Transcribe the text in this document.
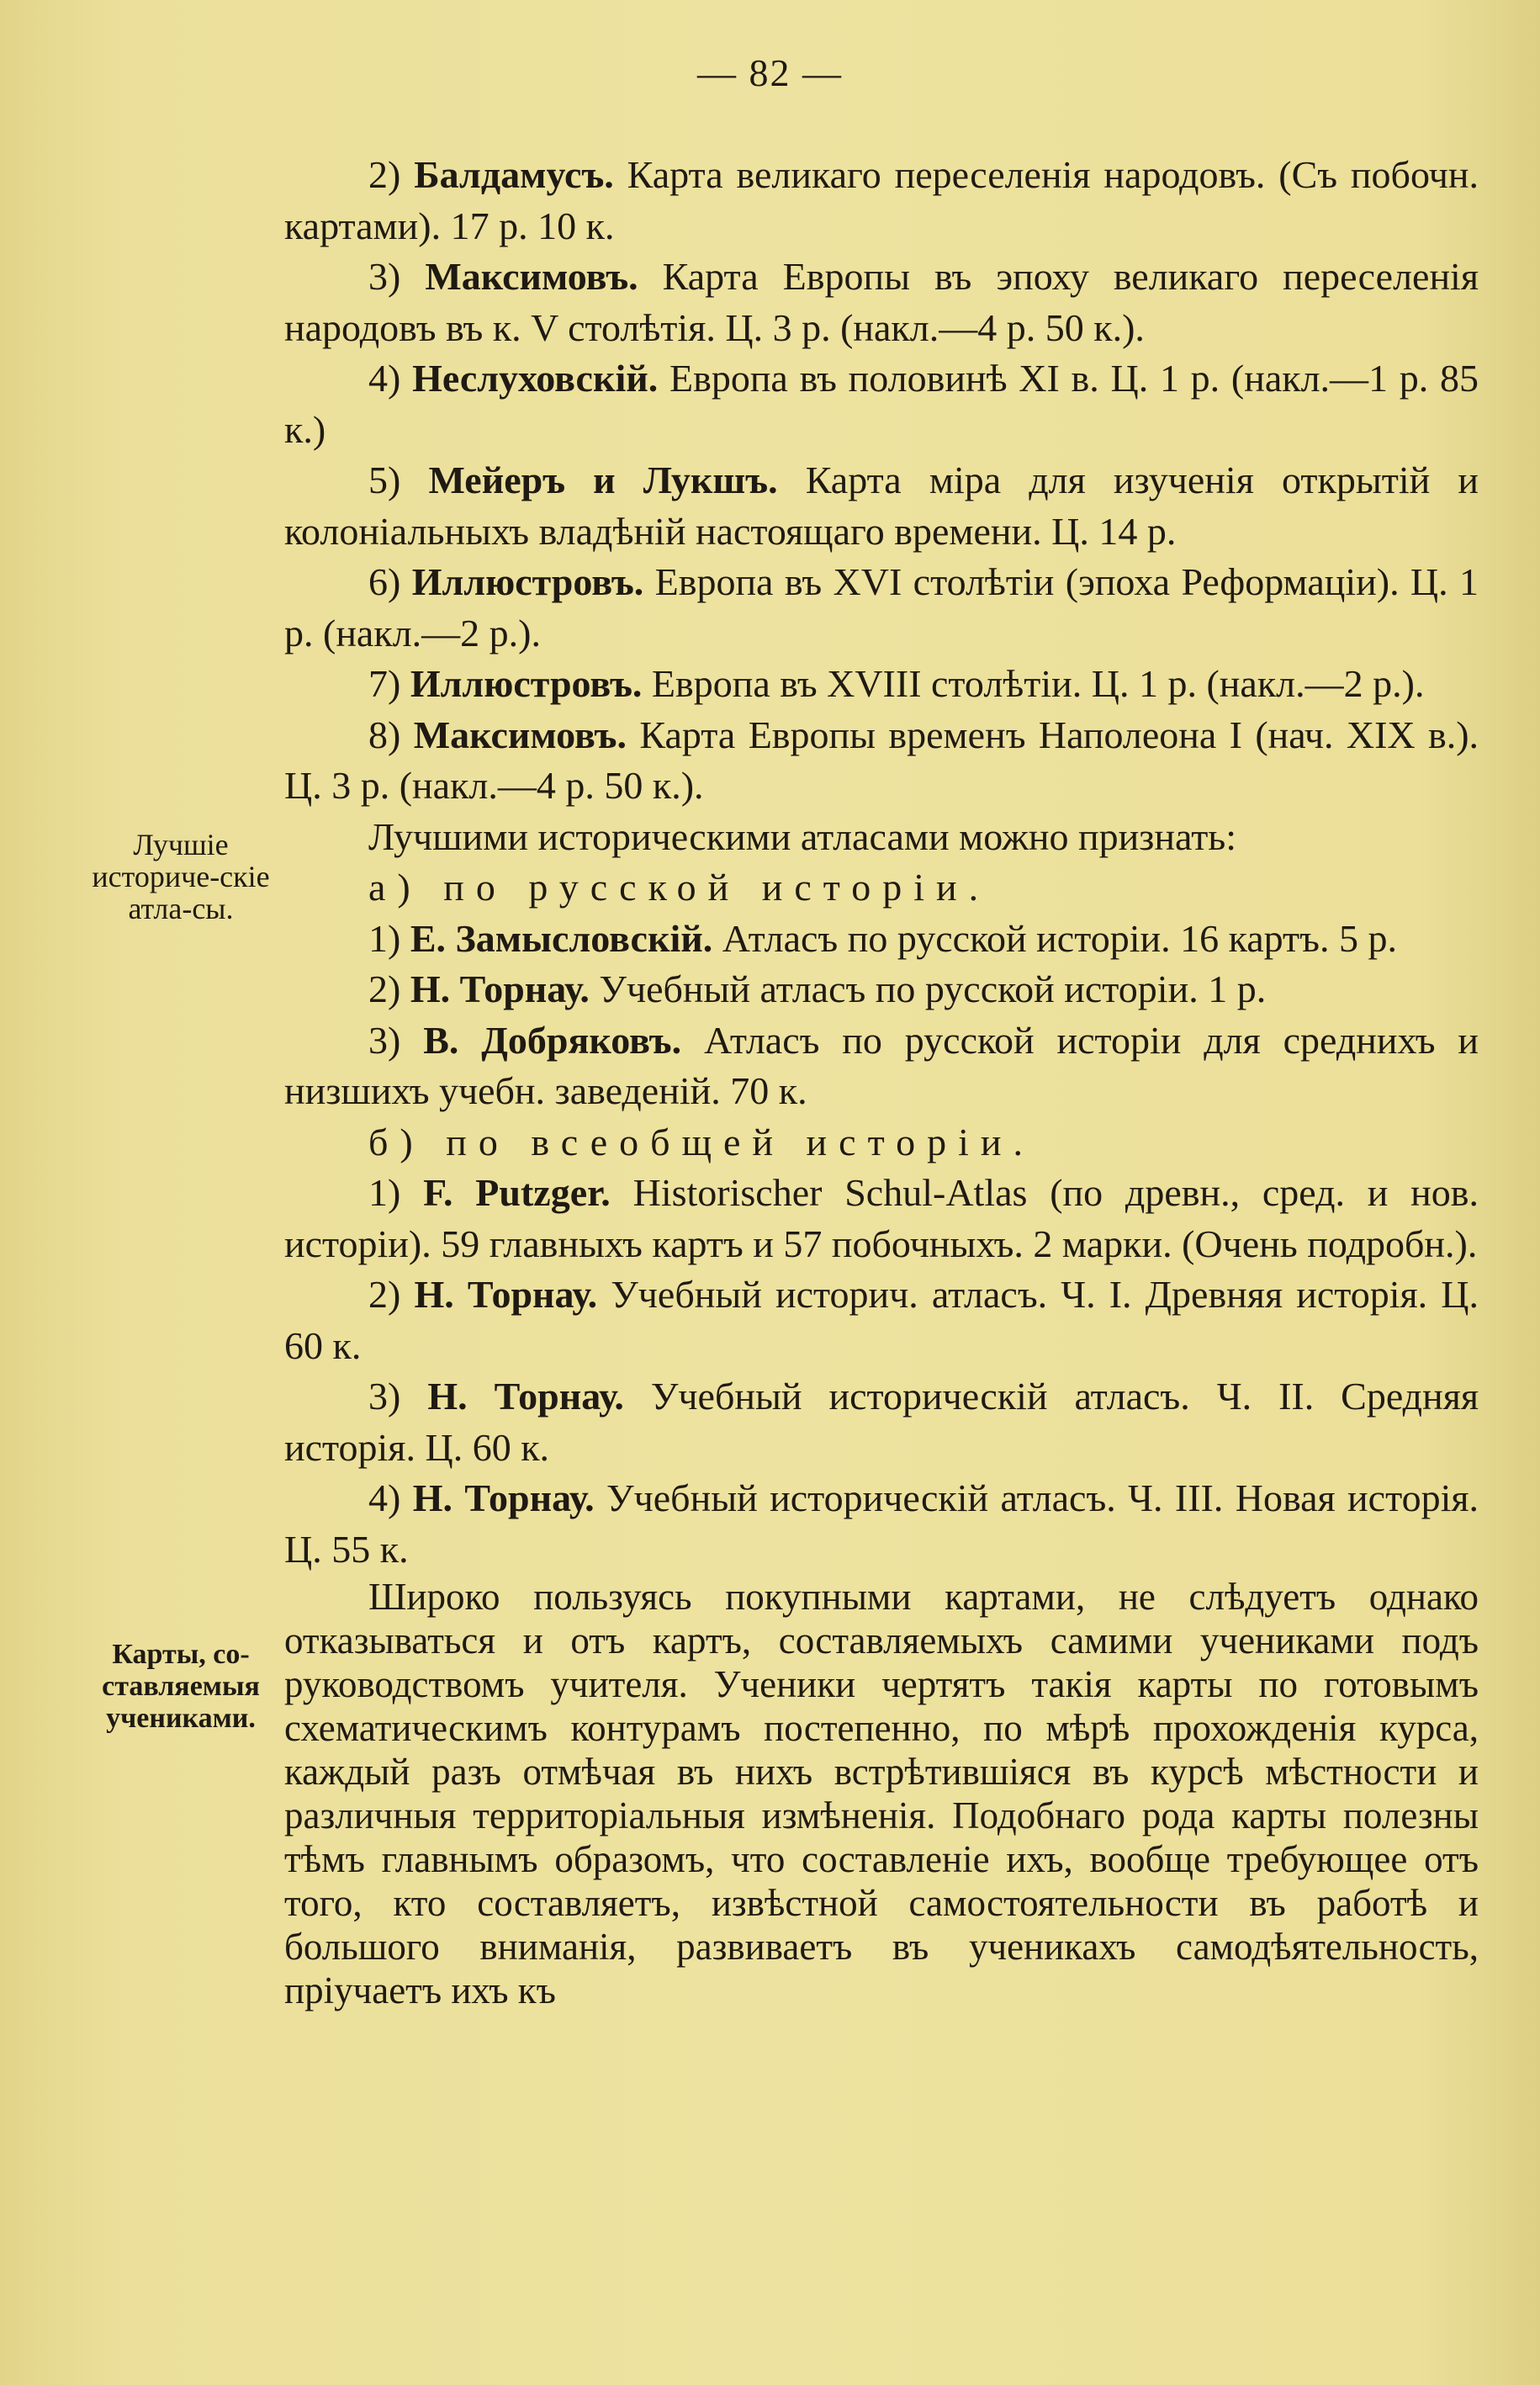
— 82 —
Лучшіе историче-скіе атла-сы.
Карты, со-ставляемыя учениками.

2) Балдамусъ. Карта великаго переселенія народовъ. (Съ побочн. картами). 17 р. 10 к.

3) Максимовъ. Карта Европы въ эпоху великаго переселенія народовъ въ к. V столѣтія. Ц. 3 р. (накл.—4 р. 50 к.).

4) Неслуховскій. Европа въ половинѣ XI в. Ц. 1 р. (накл.—1 р. 85 к.)

5) Мейеръ и Лукшъ. Карта міра для изученія открытій и колоніальныхъ владѣній настоящаго времени. Ц. 14 р.

6) Иллюстровъ. Европа въ XVI столѣтіи (эпоха Реформаціи). Ц. 1 р. (накл.—2 р.).

7) Иллюстровъ. Европа въ XVIII столѣтіи. Ц. 1 р. (накл.—2 р.).

8) Максимовъ. Карта Европы временъ Наполеона I (нач. XIX в.). Ц. 3 р. (накл.—4 р. 50 к.).

Лучшими историческими атласами можно признать:

а) по русской исторіи.

1) Е. Замысловскій. Атласъ по русской исторіи. 16 картъ. 5 р.

2) Н. Торнау. Учебный атласъ по русской исторіи. 1 р.

3) В. Добряковъ. Атласъ по русской исторіи для среднихъ и низшихъ учебн. заведеній. 70 к.

б) по всеобщей исторіи.

1) F. Putzger. Historischer Schul-Atlas (по древн., сред. и нов. исторіи). 59 главныхъ картъ и 57 побочныхъ. 2 марки. (Очень подробн.).

2) Н. Торнау. Учебный историч. атласъ. Ч. I. Древняя исторія. Ц. 60 к.

3) Н. Торнау. Учебный историческій атласъ. Ч. II. Средняя исторія. Ц. 60 к.

4) Н. Торнау. Учебный историческій атласъ. Ч. III. Новая исторія. Ц. 55 к.

Широко пользуясь покупными картами, не слѣдуетъ однако отказываться и отъ картъ, составляемыхъ самими учениками подъ руководствомъ учителя. Ученики чертятъ такія карты по готовымъ схематическимъ контурамъ постепенно, по мѣрѣ прохожденія курса, каждый разъ отмѣчая въ нихъ встрѣтившіяся въ курсѣ мѣстности и различныя территоріальныя измѣненія. Подобнаго рода карты полезны тѣмъ главнымъ образомъ, что составленіе ихъ, вообще требующее отъ того, кто составляетъ, извѣстной самостоятельности въ работѣ и большого вниманія, развиваетъ въ ученикахъ самодѣятельность, пріучаетъ ихъ къ
